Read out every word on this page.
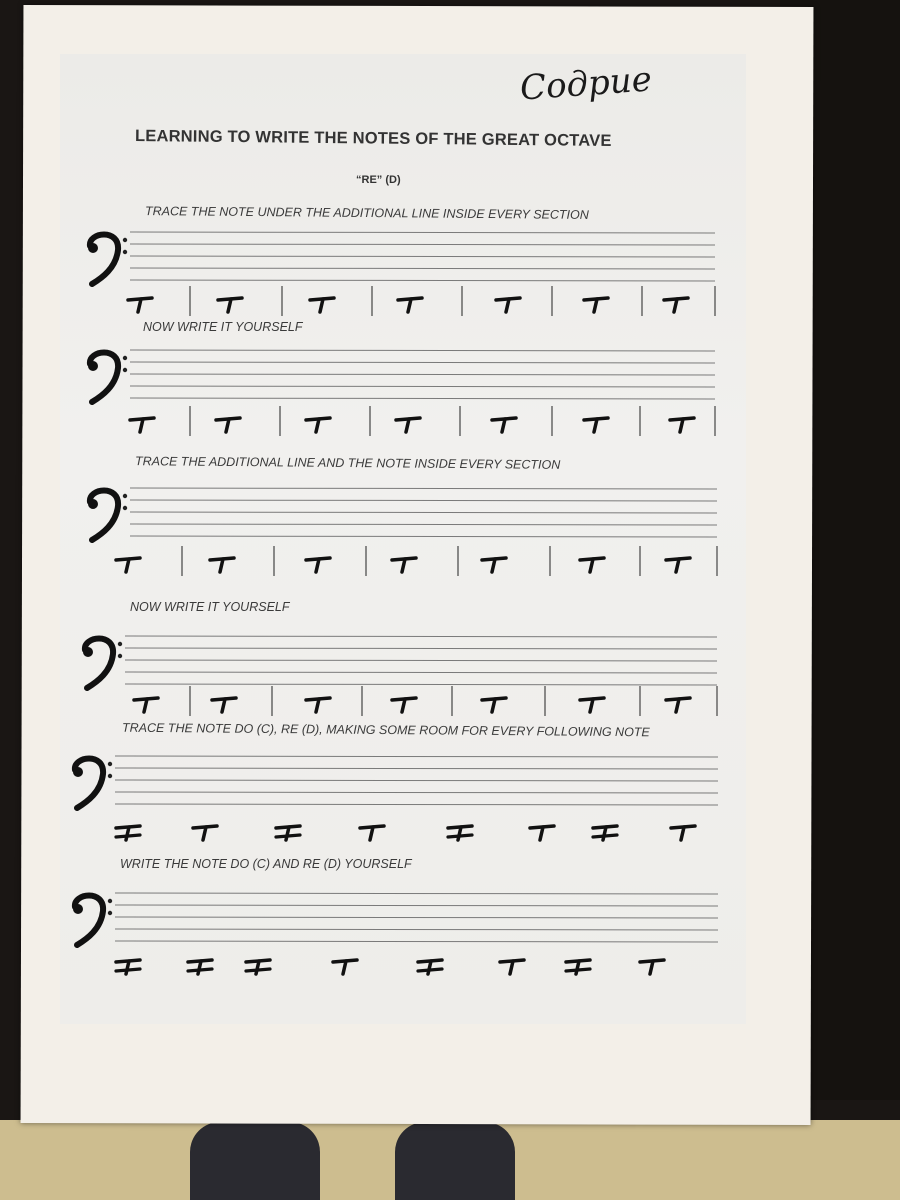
Cодрие
LEARNING TO WRITE THE NOTES OF THE GREAT OCTAVE
“RE” (D)
TRACE THE NOTE UNDER THE ADDITIONAL LINE INSIDE EVERY SECTION
NOW WRITE IT YOURSELF
TRACE THE ADDITIONAL LINE AND THE NOTE INSIDE EVERY SECTION
NOW WRITE IT YOURSELF
TRACE THE NOTE DO (C), RE (D), MAKING SOME ROOM FOR EVERY FOLLOWING NOTE
WRITE THE NOTE DO (C) AND RE (D) YOURSELF
